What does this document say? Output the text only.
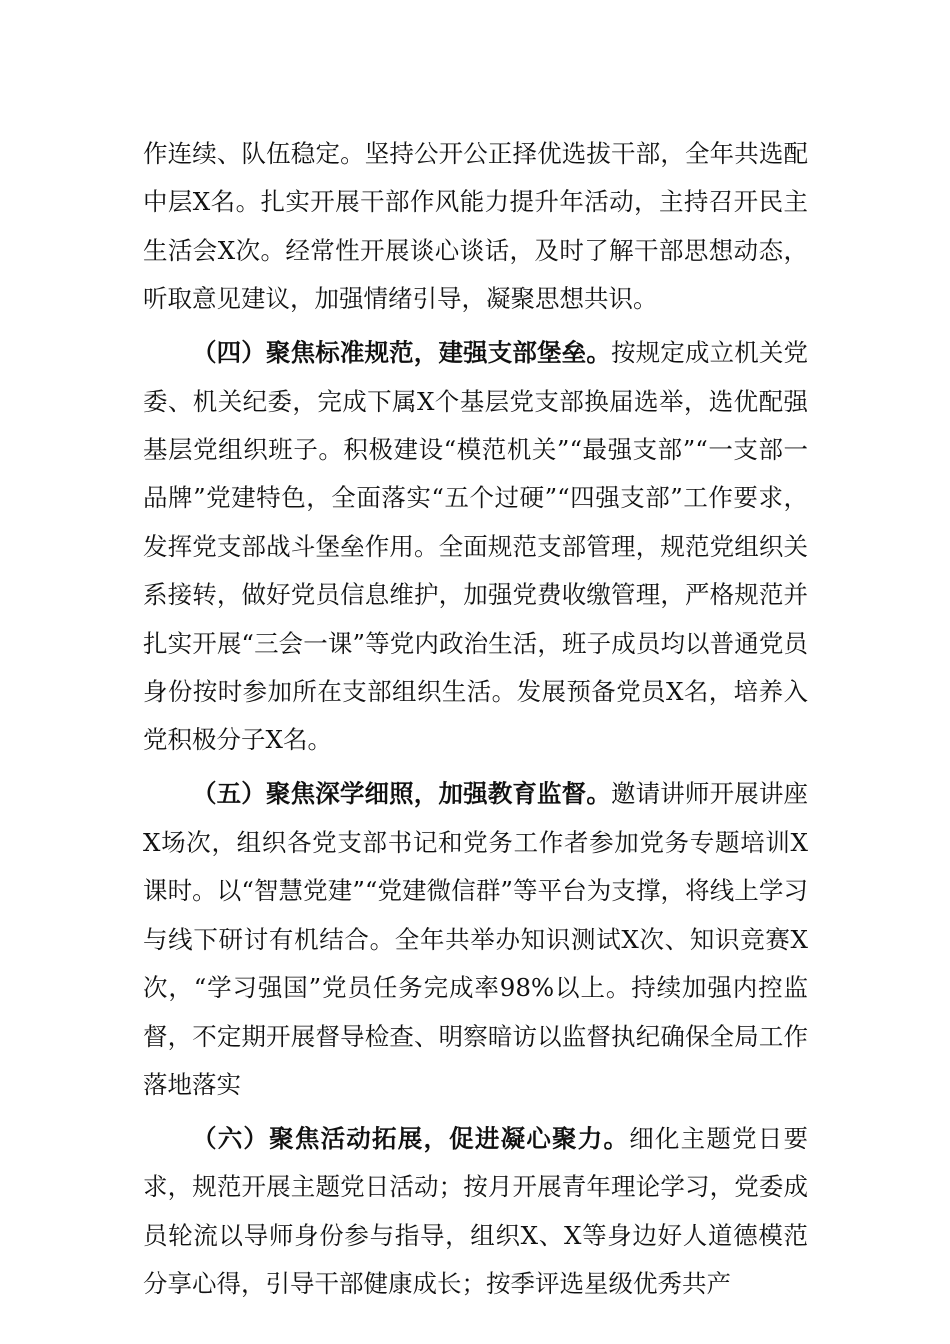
作连续、队伍稳定。坚持公开公正择优选拔干部，全年共选配中层X名。扎实开展干部作风能力提升年活动，主持召开民主生活会X次。经常性开展谈心谈话，及时了解干部思想动态，听取意见建议，加强情绪引导，凝聚思想共识。

（四）聚焦标准规范，建强支部堡垒。按规定成立机关党委、机关纪委，完成下属X个基层党支部换届选举，选优配强基层党组织班子。积极建设“模范机关”“最强支部”“一支部一品牌”党建特色，全面落实“五个过硬”“四强支部”工作要求，发挥党支部战斗堡垒作用。全面规范支部管理，规范党组织关系接转，做好党员信息维护，加强党费收缴管理，严格规范并扎实开展“三会一课”等党内政治生活，班子成员均以普通党员身份按时参加所在支部组织生活。发展预备党员X名，培养入党积极分子X名。

（五）聚焦深学细照，加强教育监督。邀请讲师开展讲座X场次，组织各党支部书记和党务工作者参加党务专题培训X课时。以“智慧党建”“党建微信群”等平台为支撑，将线上学习与线下研讨有机结合。全年共举办知识测试X次、知识竞赛X次，“学习强国”党员任务完成率98%以上。持续加强内控监督，不定期开展督导检查、明察暗访以监督执纪确保全局工作落地落实

（六）聚焦活动拓展，促进凝心聚力。细化主题党日要求，规范开展主题党日活动；按月开展青年理论学习，党委成员轮流以导师身份参与指导，组织X、X等身边好人道德模范分享心得，引导干部健康成长；按季评选星级优秀共产
